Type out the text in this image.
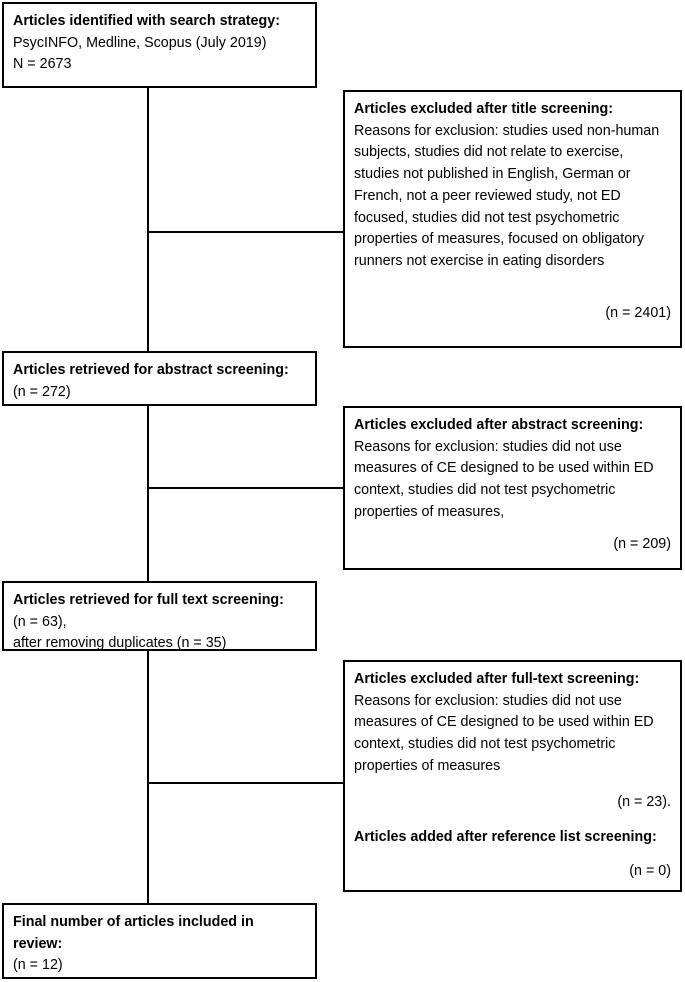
Articles identified with search strategy:

PsycINFO, Medline, Scopus (July 2019)

N = 2673

Articles excluded after title screening:

Reasons for exclusion: studies used non-human subjects, studies did not relate to exercise, studies not published in English, German or French, not a peer reviewed study, not ED focused, studies did not test psychometric properties of measures, focused on obligatory runners not exercise in eating disorders

(n = 2401)

Articles retrieved for abstract screening:

(n = 272)

Articles excluded after abstract screening:

Reasons for exclusion: studies did not use measures of CE designed to be used within ED context, studies did not test psychometric properties of measures,

(n = 209)

Articles retrieved for full text screening:

(n = 63),

after removing duplicates (n = 35)

Articles excluded after full-text screening:

Reasons for exclusion: studies did not use measures of CE designed to be used within ED context, studies did not test psychometric properties of measures

(n = 23).

Articles added after reference list screening:

(n = 0)

Final number of articles included in

review:

(n = 12)
